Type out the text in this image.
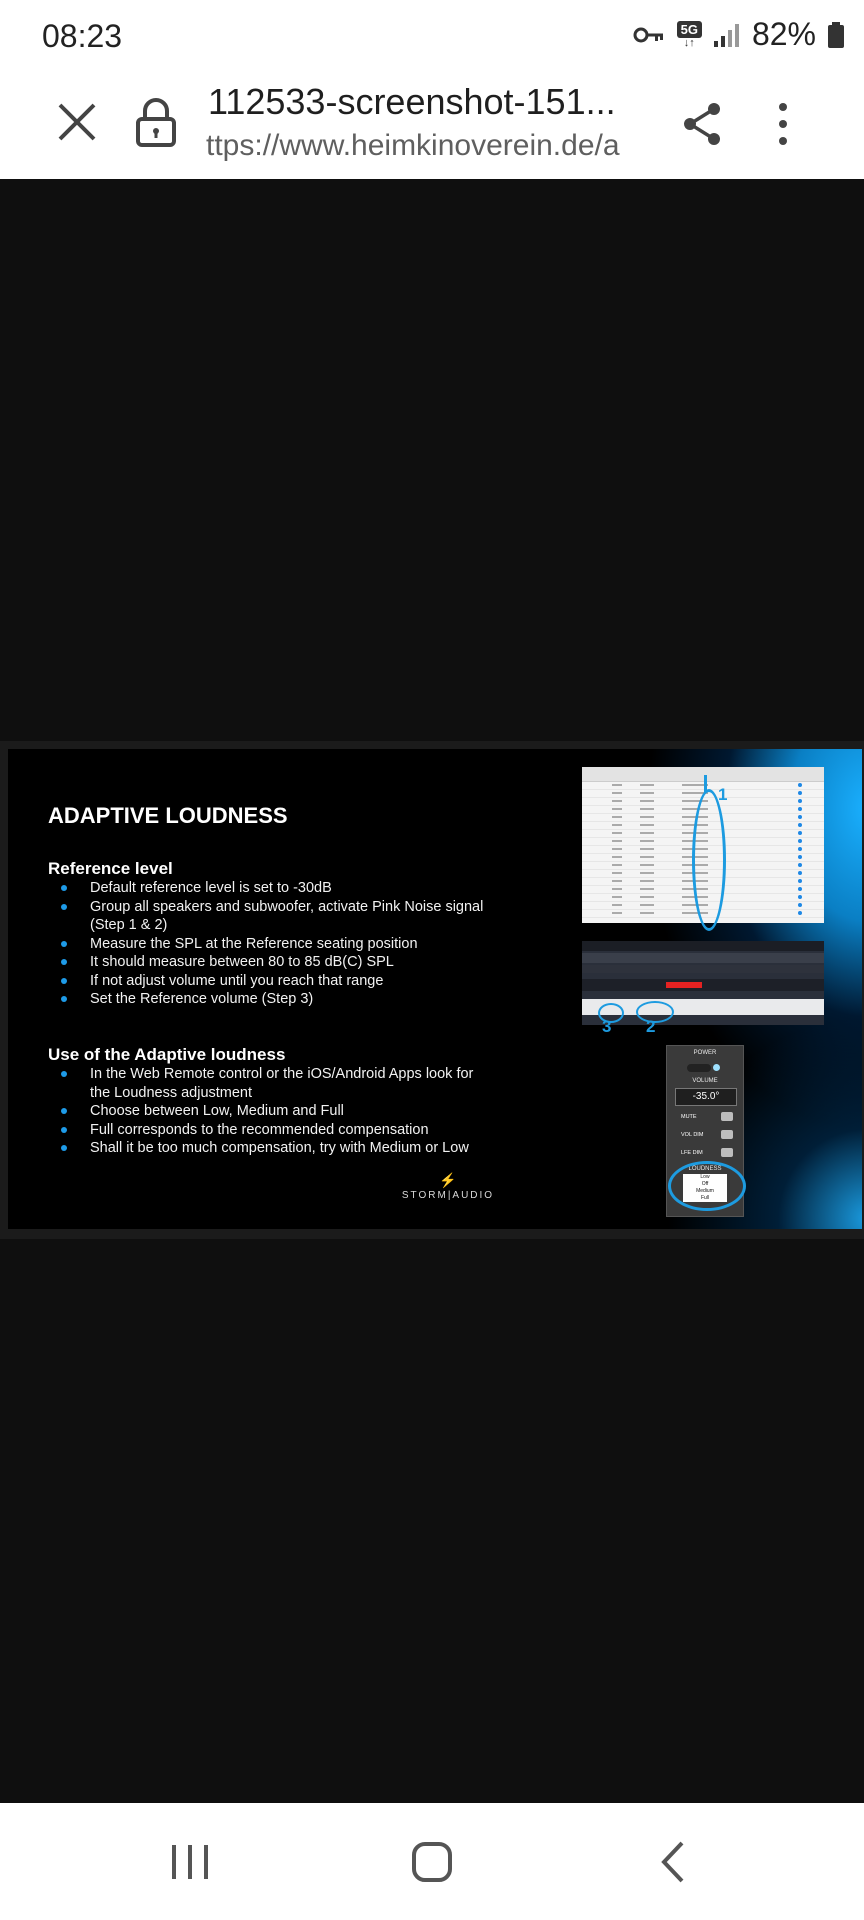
08:23	5G
↓↑ 82%
112533-screenshot-151...
ttps://www.heimkinoverein.de/a
ADAPTIVE LOUDNESS
Reference level
Default reference level is set to -30dB
Group all speakers and subwoofer, activate Pink Noise signal (Step 1 & 2)
Measure the SPL at the Reference seating position
It should measure between 80 to 85 dB(C) SPL
If not adjust volume until you reach that range
Set the Reference volume (Step 3)
Use of the Adaptive loudness
In the Web Remote control or the iOS/Android Apps look for the Loudness adjustment
Choose between Low, Medium and Full
Full corresponds to the recommended compensation
Shall it be too much compensation, try with Medium or Low
⚡
STORM|AUDIO
1
3 2
POWER
VOLUME
-35.0°
MUTE
VOL DIM
LFE DIM
LOUDNESS
Low
Off
Medium
Full
